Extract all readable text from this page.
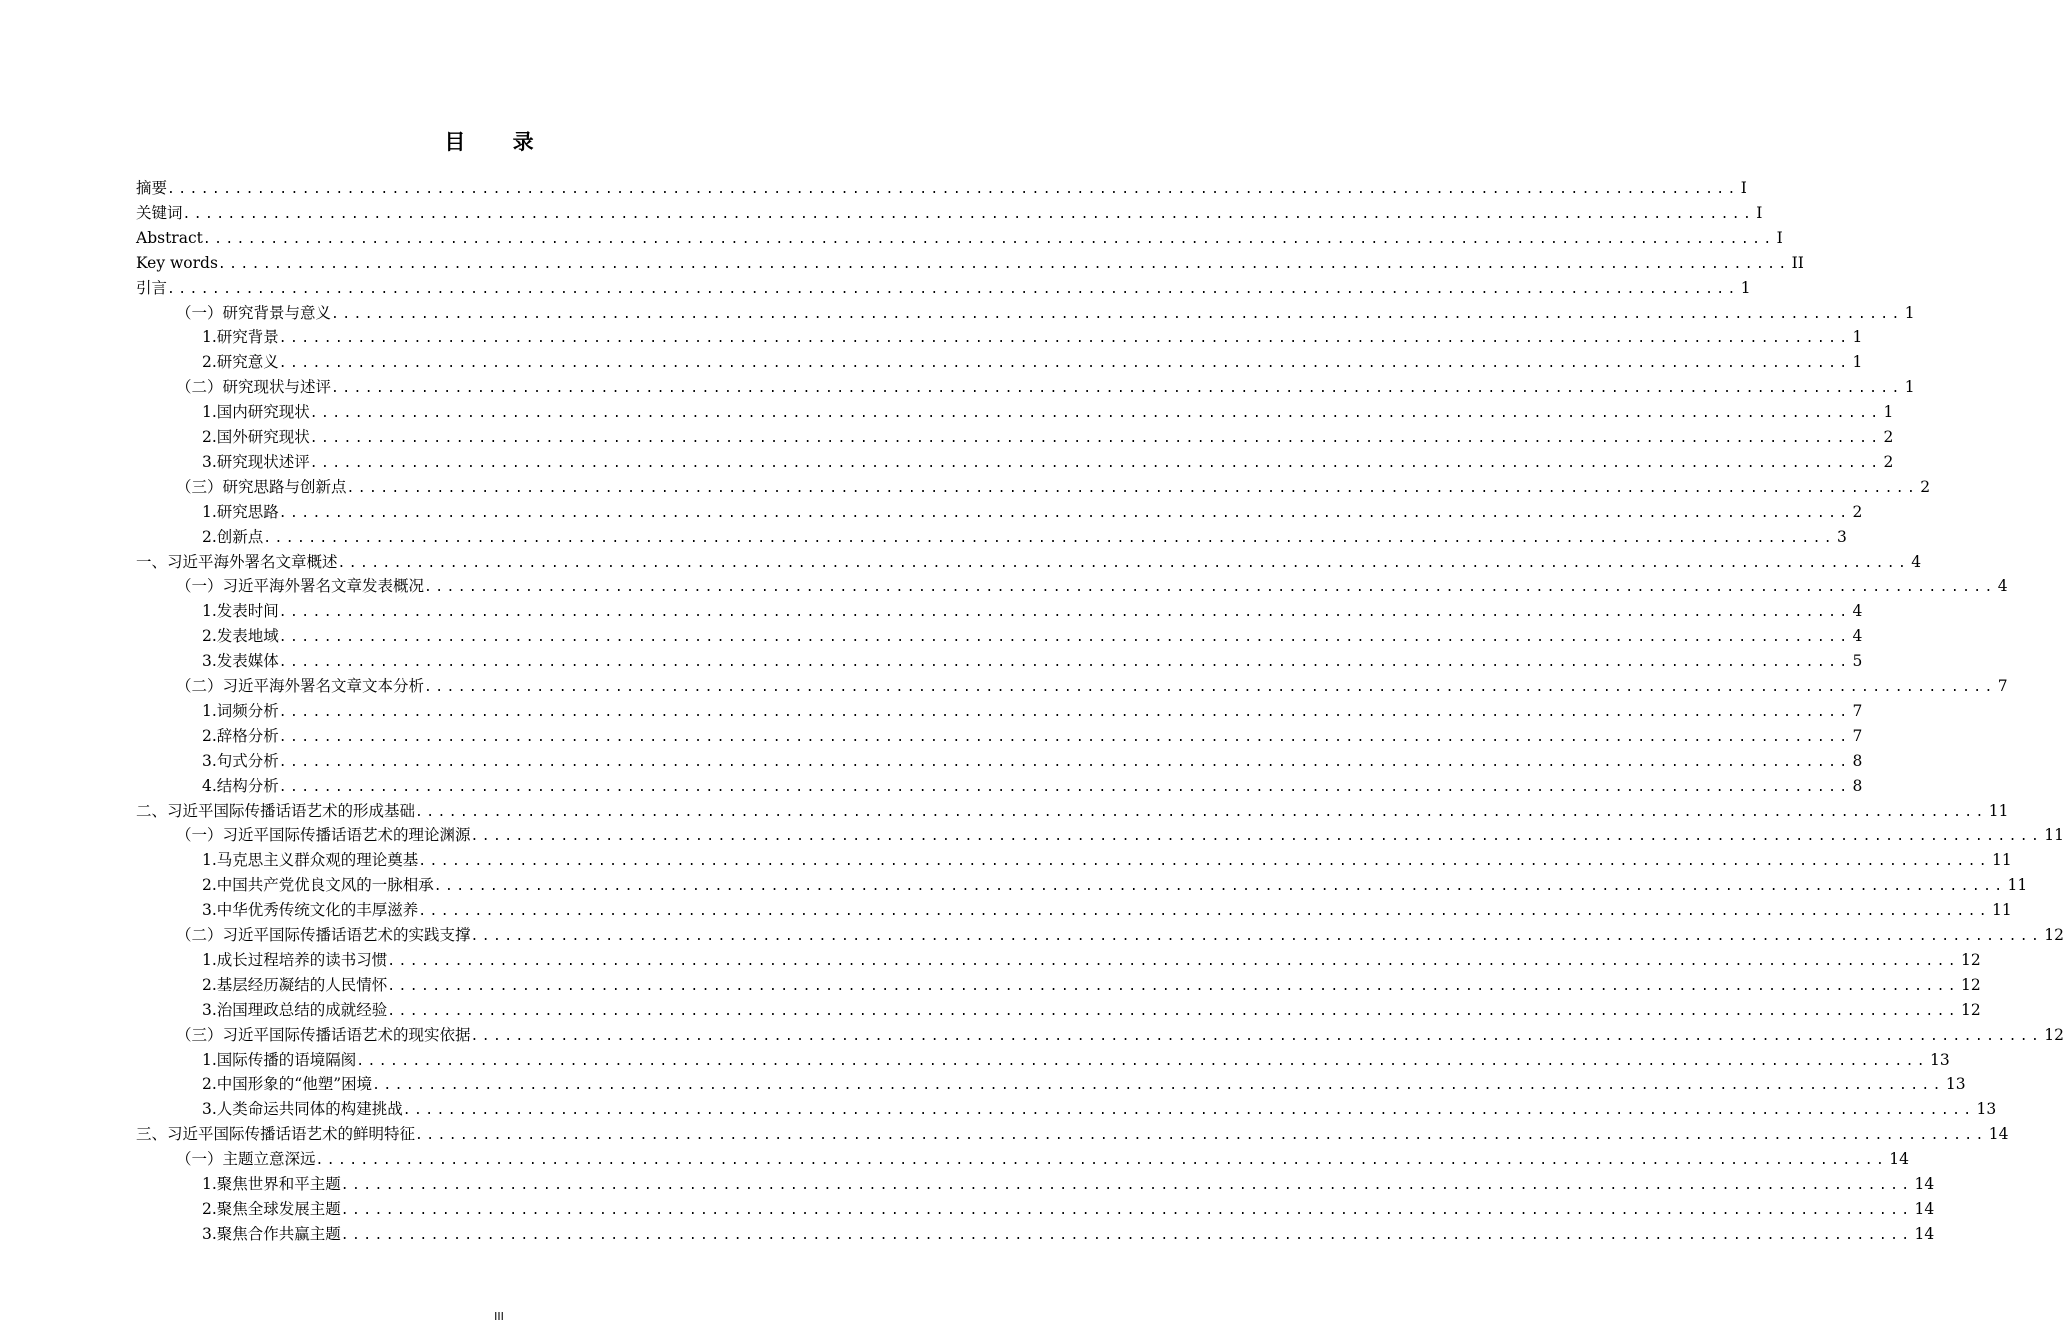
目 录
摘要 ............................................................................................................................................ I
关键词 ............................................................................................................................................ I
Abstract ............................................................................................................................................ I
Key words ............................................................................................................................................ II
引言 ............................................................................................................................................ 1
（一）研究背景与意义 ............................................................................................................................................ 1
1.研究背景 ............................................................................................................................................ 1
2.研究意义 ............................................................................................................................................ 1
（二）研究现状与述评 ............................................................................................................................................ 1
1.国内研究现状 ............................................................................................................................................ 1
2.国外研究现状 ............................................................................................................................................ 2
3.研究现状述评 ............................................................................................................................................ 2
（三）研究思路与创新点 ............................................................................................................................................ 2
1.研究思路 ............................................................................................................................................ 2
2.创新点 ............................................................................................................................................ 3
一、习近平海外署名文章概述 ............................................................................................................................................ 4
（一）习近平海外署名文章发表概况 ............................................................................................................................................ 4
1.发表时间 ............................................................................................................................................ 4
2.发表地域 ............................................................................................................................................ 4
3.发表媒体 ............................................................................................................................................ 5
（二）习近平海外署名文章文本分析 ............................................................................................................................................ 7
1.词频分析 ............................................................................................................................................ 7
2.辞格分析 ............................................................................................................................................ 7
3.句式分析 ............................................................................................................................................ 8
4.结构分析 ............................................................................................................................................ 8
二、习近平国际传播话语艺术的形成基础 ............................................................................................................................................ 11
（一）习近平国际传播话语艺术的理论渊源 ............................................................................................................................................ 11
1.马克思主义群众观的理论奠基 ............................................................................................................................................ 11
2.中国共产党优良文风的一脉相承 ............................................................................................................................................ 11
3.中华优秀传统文化的丰厚滋养 ............................................................................................................................................ 11
（二）习近平国际传播话语艺术的实践支撑 ............................................................................................................................................ 12
1.成长过程培养的读书习惯 ............................................................................................................................................ 12
2.基层经历凝结的人民情怀 ............................................................................................................................................ 12
3.治国理政总结的成就经验 ............................................................................................................................................ 12
（三）习近平国际传播话语艺术的现实依据 ............................................................................................................................................ 12
1.国际传播的语境隔阂 ............................................................................................................................................ 13
2.中国形象的“他塑”困境 ............................................................................................................................................ 13
3.人类命运共同体的构建挑战 ............................................................................................................................................ 13
三、习近平国际传播话语艺术的鲜明特征 ............................................................................................................................................ 14
（一）主题立意深远 ............................................................................................................................................ 14
1.聚焦世界和平主题 ............................................................................................................................................ 14
2.聚焦全球发展主题 ............................................................................................................................................ 14
3.聚焦合作共赢主题 ............................................................................................................................................ 14
III
